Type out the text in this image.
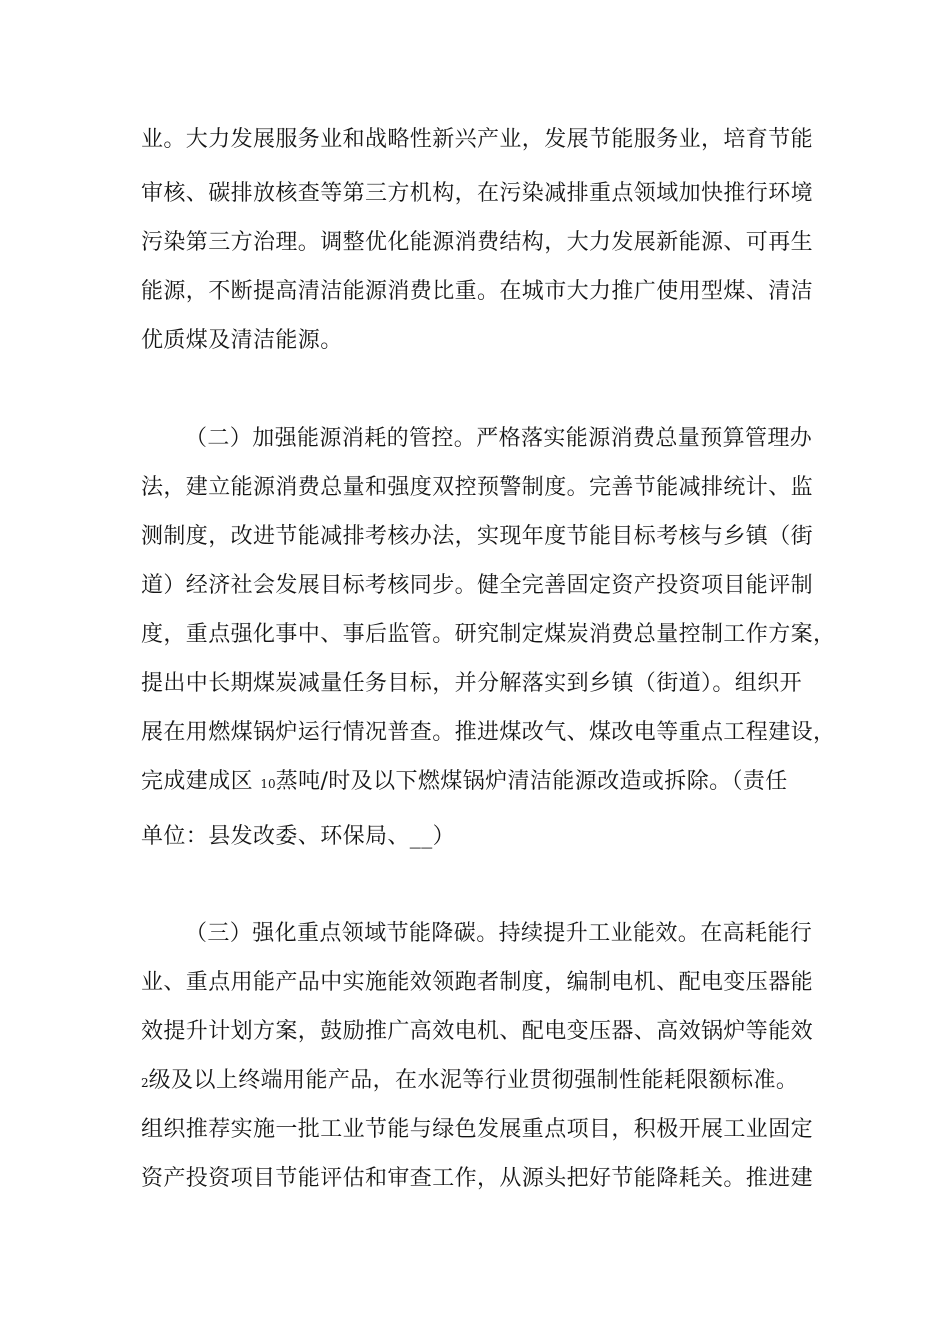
业。大力发展服务业和战略性新兴产业，发展节能服务业，培育节能
审核、碳排放核查等第三方机构，在污染减排重点领域加快推行环境
污染第三方治理。调整优化能源消费结构，大力发展新能源、可再生
能源，不断提高清洁能源消费比重。在城市大力推广使用型煤、清洁
优质煤及清洁能源。
（二）加强能源消耗的管控。严格落实能源消费总量预算管理办
法，建立能源消费总量和强度双控预警制度。完善节能减排统计、监
测制度，改进节能减排考核办法，实现年度节能目标考核与乡镇（街
道）经济社会发展目标考核同步。健全完善固定资产投资项目能评制
度，重点强化事中、事后监管。研究制定煤炭消费总量控制工作方案，
提出中长期煤炭减量任务目标，并分解落实到乡镇（街道）。组织开
展在用燃煤锅炉运行情况普查。推进煤改气、煤改电等重点工程建设，
完成建成区 10蒸吨/时及以下燃煤锅炉清洁能源改造或拆除。（责任
单位：县发改委、环保局、__）
（三）强化重点领域节能降碳。持续提升工业能效。在高耗能行
业、重点用能产品中实施能效领跑者制度，编制电机、配电变压器能
效提升计划方案，鼓励推广高效电机、配电变压器、高效锅炉等能效
2级及以上终端用能产品，在水泥等行业贯彻强制性能耗限额标准。
组织推荐实施一批工业节能与绿色发展重点项目，积极开展工业固定
资产投资项目节能评估和审查工作，从源头把好节能降耗关。推进建
